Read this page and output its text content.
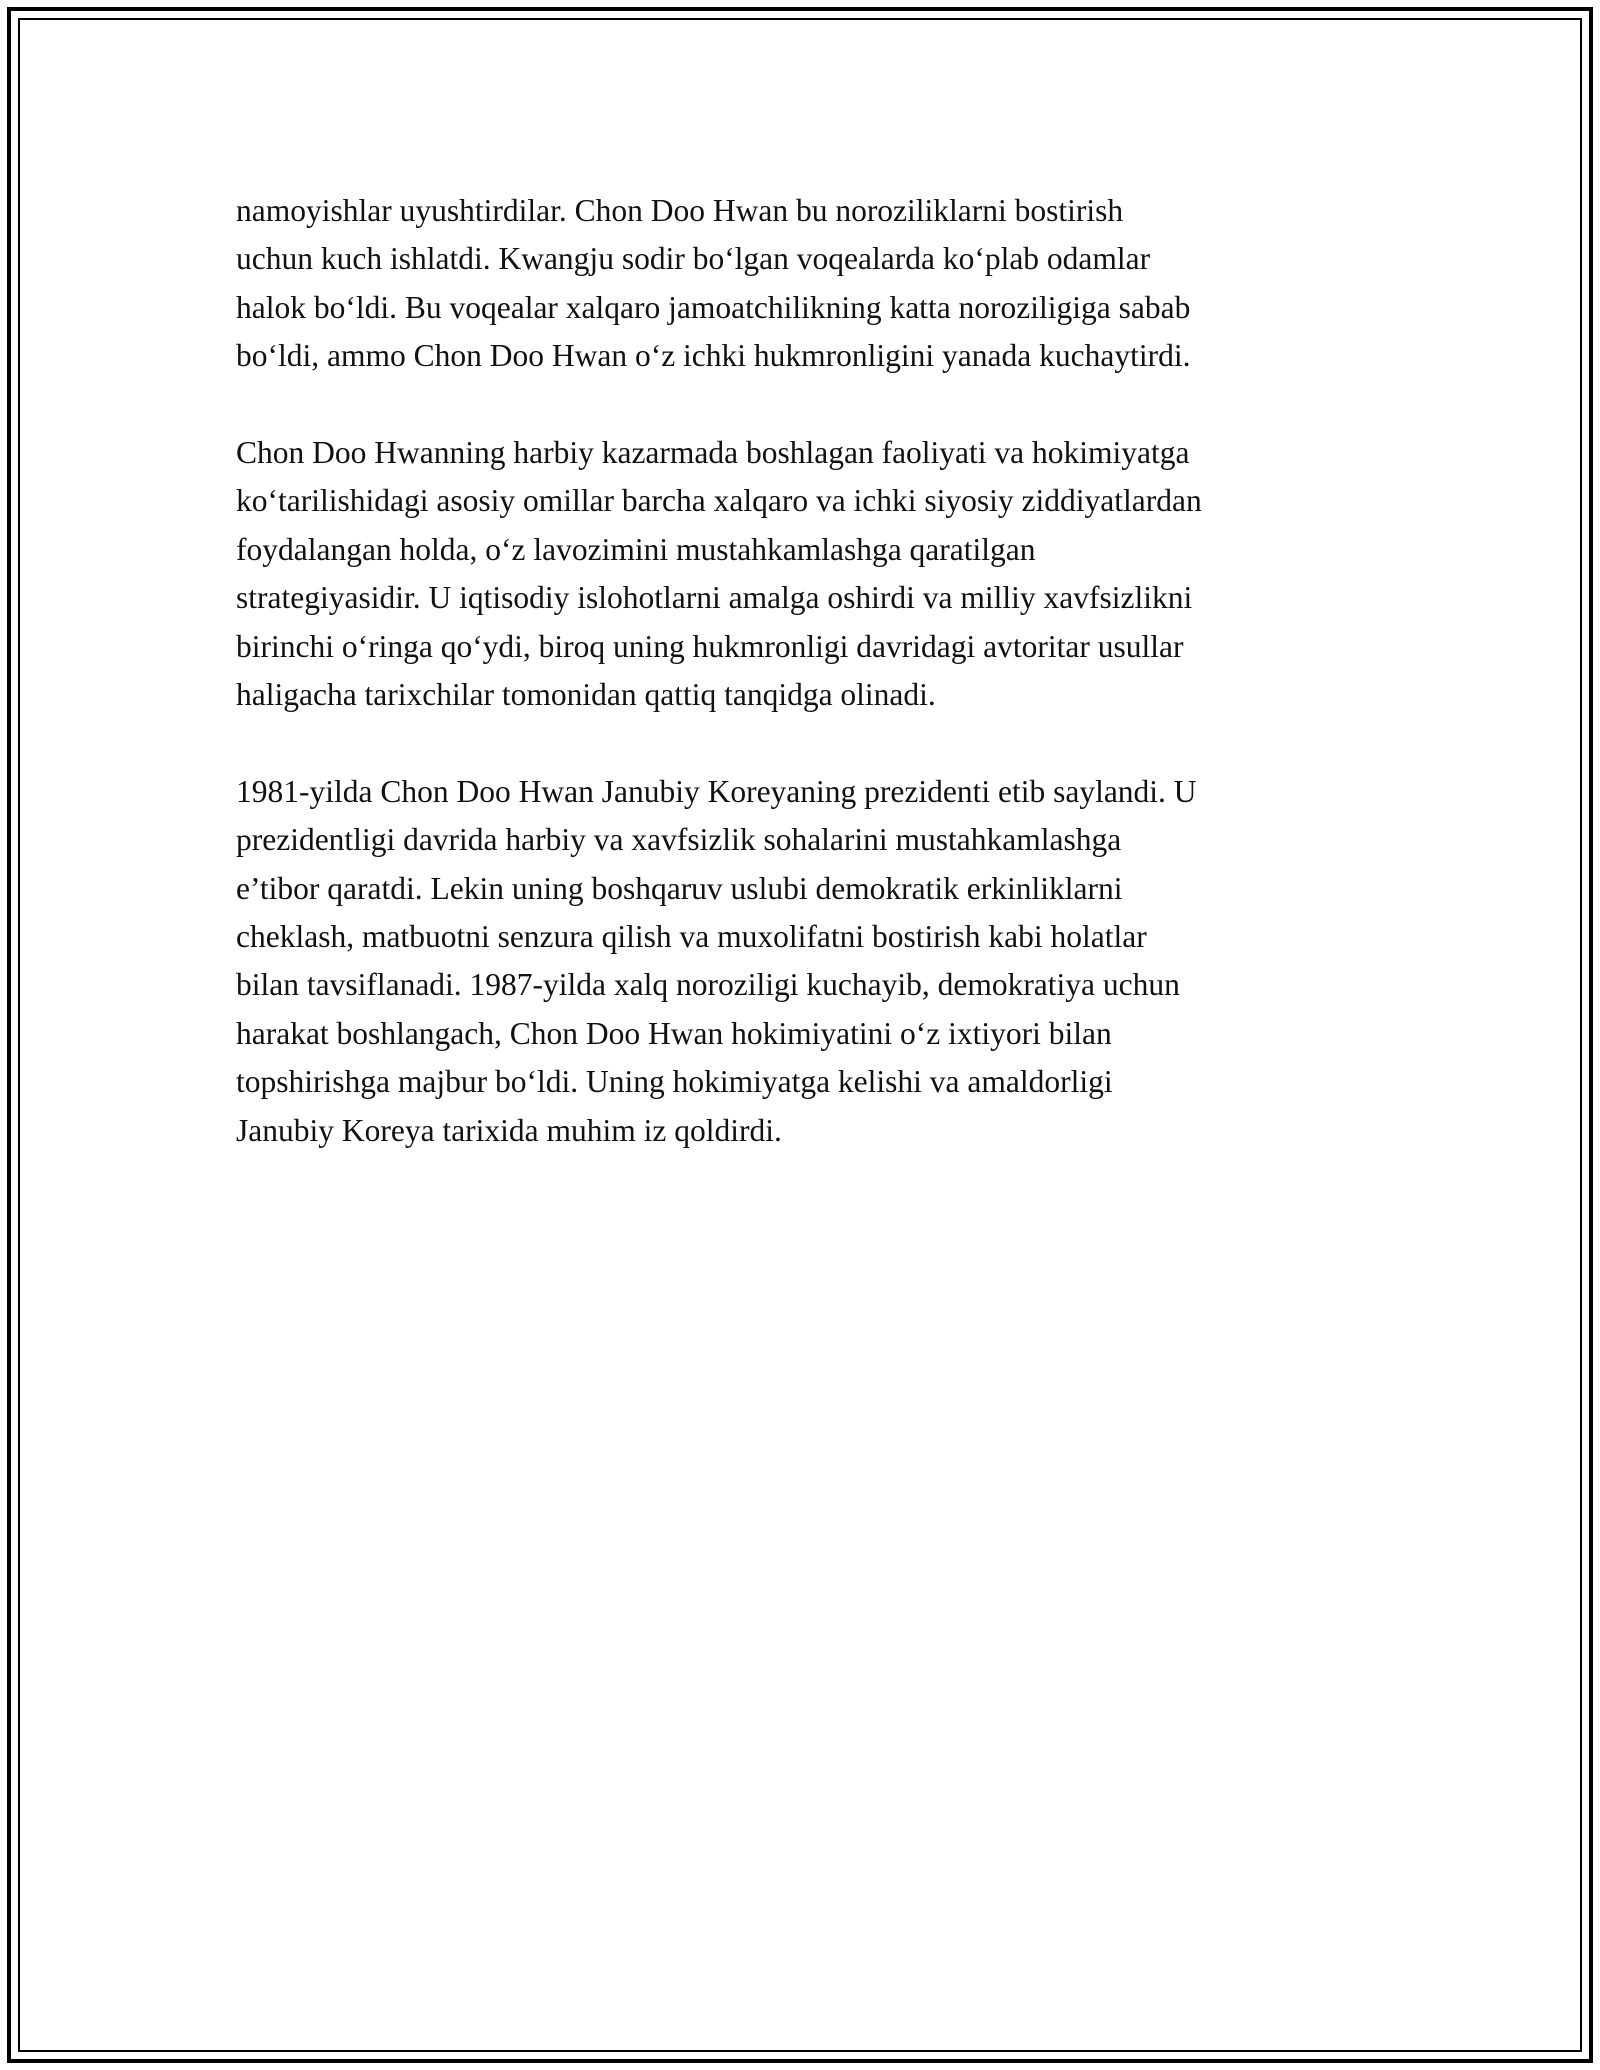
namoyishlar uyushtirdilar. Chon Doo Hwan bu noroziliklarni bostirish
uchun kuch ishlatdi. Kwangju sodir boʻlgan voqealarda koʻplab odamlar
halok boʻldi. Bu voqealar xalqaro jamoatchilikning katta noroziligiga sabab
boʻldi, ammo Chon Doo Hwan oʻz ichki hukmronligini yanada kuchaytirdi.

Chon Doo Hwanning harbiy kazarmada boshlagan faoliyati va hokimiyatga
koʻtarilishidagi asosiy omillar barcha xalqaro va ichki siyosiy ziddiyatlardan
foydalangan holda, oʻz lavozimini mustahkamlashga qaratilgan
strategiyasidir. U iqtisodiy islohotlarni amalga oshirdi va milliy xavfsizlikni
birinchi oʻringa qoʻydi, biroq uning hukmronligi davridagi avtoritar usullar
haligacha tarixchilar tomonidan qattiq tanqidga olinadi.

1981-yilda Chon Doo Hwan Janubiy Koreyaning prezidenti etib saylandi. U
prezidentligi davrida harbiy va xavfsizlik sohalarini mustahkamlashga
e’tibor qaratdi. Lekin uning boshqaruv uslubi demokratik erkinliklarni
cheklash, matbuotni senzura qilish va muxolifatni bostirish kabi holatlar
bilan tavsiflanadi. 1987-yilda xalq noroziligi kuchayib, demokratiya uchun
harakat boshlangach, Chon Doo Hwan hokimiyatini oʻz ixtiyori bilan
topshirishga majbur boʻldi. Uning hokimiyatga kelishi va amaldorligi
Janubiy Koreya tarixida muhim iz qoldirdi.
